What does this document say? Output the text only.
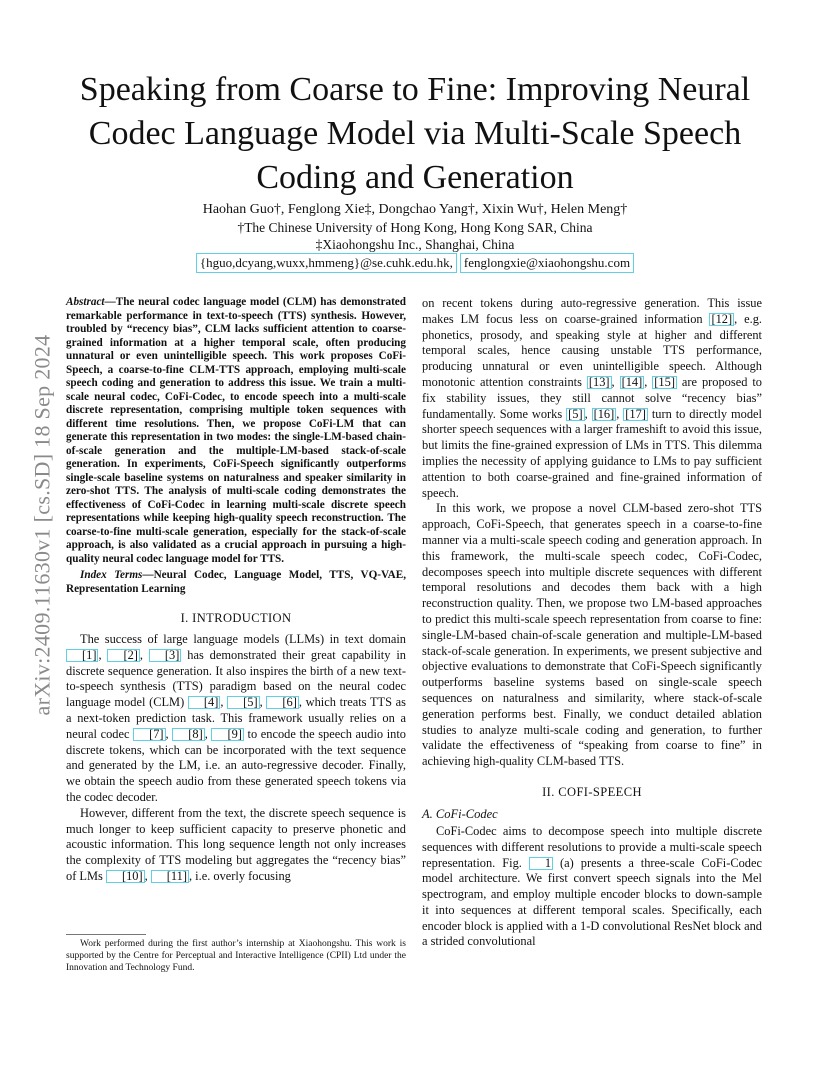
arXiv:2409.11630v1 [cs.SD] 18 Sep 2024
Speaking from Coarse to Fine: Improving Neural Codec Language Model via Multi-Scale Speech Coding and Generation
Haohan Guo†, Fenglong Xie‡, Dongchao Yang†, Xixin Wu†, Helen Meng†
†The Chinese University of Hong Kong, Hong Kong SAR, China
‡Xiaohongshu Inc., Shanghai, China
{hguo,dcyang,wuxx,hmmeng}@se.cuhk.edu.hk, fenglongxie@xiaohongshu.com

Abstract—The neural codec language model (CLM) has demonstrated remarkable performance in text-to-speech (TTS) synthesis. However, troubled by “recency bias”, CLM lacks sufficient attention to coarse-grained information at a higher temporal scale, often producing unnatural or even unintelligible speech. This work proposes CoFi-Speech, a coarse-to-fine CLM-TTS approach, employing multi-scale speech coding and generation to address this issue. We train a multi-scale neural codec, CoFi-Codec, to encode speech into a multi-scale discrete representation, comprising multiple token sequences with different time resolutions. Then, we propose CoFi-LM that can generate this representation in two modes: the single-LM-based chain-of-scale generation and the multiple-LM-based stack-of-scale generation. In experiments, CoFi-Speech significantly outperforms single-scale baseline systems on naturalness and speaker similarity in zero-shot TTS. The analysis of multi-scale coding demonstrates the effectiveness of CoFi-Codec in learning multi-scale discrete speech representations while keeping high-quality speech reconstruction. The coarse-to-fine multi-scale generation, especially for the stack-of-scale approach, is also validated as a crucial approach in pursuing a high-quality neural codec language model for TTS.

Index Terms—Neural Codec, Language Model, TTS, VQ-VAE, Representation Learning

I. INTRODUCTION

The success of large language models (LLMs) in text domain [1] , [2] , [3] has demonstrated their great capability in discrete sequence generation. It also inspires the birth of a new text-to-speech synthesis (TTS) paradigm based on the neural codec language model (CLM) [4] , [5] , [6] , which treats TTS as a next-token prediction task. This framework usually relies on a neural codec [7] , [8] , [9] to encode the speech audio into discrete tokens, which can be incorporated with the text sequence and generated by the LM, i.e. an auto-regressive decoder. Finally, we obtain the speech audio from these generated speech tokens via the codec decoder.

However, different from the text, the discrete speech sequence is much longer to keep sufficient capacity to preserve phonetic and acoustic information. This long sequence length not only increases the complexity of TTS modeling but aggregates the “recency bias” of LMs [10] , [11] , i.e. overly focusing

Work performed during the first author’s internship at Xiaohongshu. This work is supported by the Centre for Perceptual and Interactive Intelligence (CPII) Ltd under the Innovation and Technology Fund.

on recent tokens during auto-regressive generation. This issue makes LM focus less on coarse-grained information [12] , e.g. phonetics, prosody, and speaking style at higher and different temporal scales, hence causing unstable TTS performance, producing unnatural or even unintelligible speech. Although monotonic attention constraints [13] , [14] , [15] are proposed to fix stability issues, they still cannot solve “recency bias” fundamentally. Some works [5] , [16] , [17] turn to directly model shorter speech sequences with a larger frameshift to avoid this issue, but limits the fine-grained expression of LMs in TTS. This dilemma implies the necessity of applying guidance to LMs to pay sufficient attention to both coarse-grained and fine-grained information of speech.

In this work, we propose a novel CLM-based zero-shot TTS approach, CoFi-Speech, that generates speech in a coarse-to-fine manner via a multi-scale speech coding and generation approach. In this framework, the multi-scale speech codec, CoFi-Codec, decomposes speech into multiple discrete sequences with different temporal resolutions and decodes them back with a high reconstruction quality. Then, we propose two LM-based approaches to predict this multi-scale speech representation from coarse to fine: single-LM-based chain-of-scale generation and multiple-LM-based stack-of-scale generation. In experiments, we present subjective and objective evaluations to demonstrate that CoFi-Speech significantly outperforms baseline systems based on single-scale speech sequences on naturalness and similarity, where stack-of-scale generation performs best. Finally, we conduct detailed ablation studies to analyze multi-scale coding and generation, to further validate the effectiveness of “speaking from coarse to fine” in achieving high-quality CLM-based TTS.

II. COFI-SPEECH
A. CoFi-Codec

CoFi-Codec aims to decompose speech into multiple discrete sequences with different resolutions to provide a multi-scale speech representation. Fig. 1 (a) presents a three-scale CoFi-Codec model architecture. We first convert speech signals into the Mel spectrogram, and employ multiple encoder blocks to down-sample it into sequences at different temporal scales. Specifically, each encoder block is applied with a 1-D convolutional ResNet block and a strided convolutional
